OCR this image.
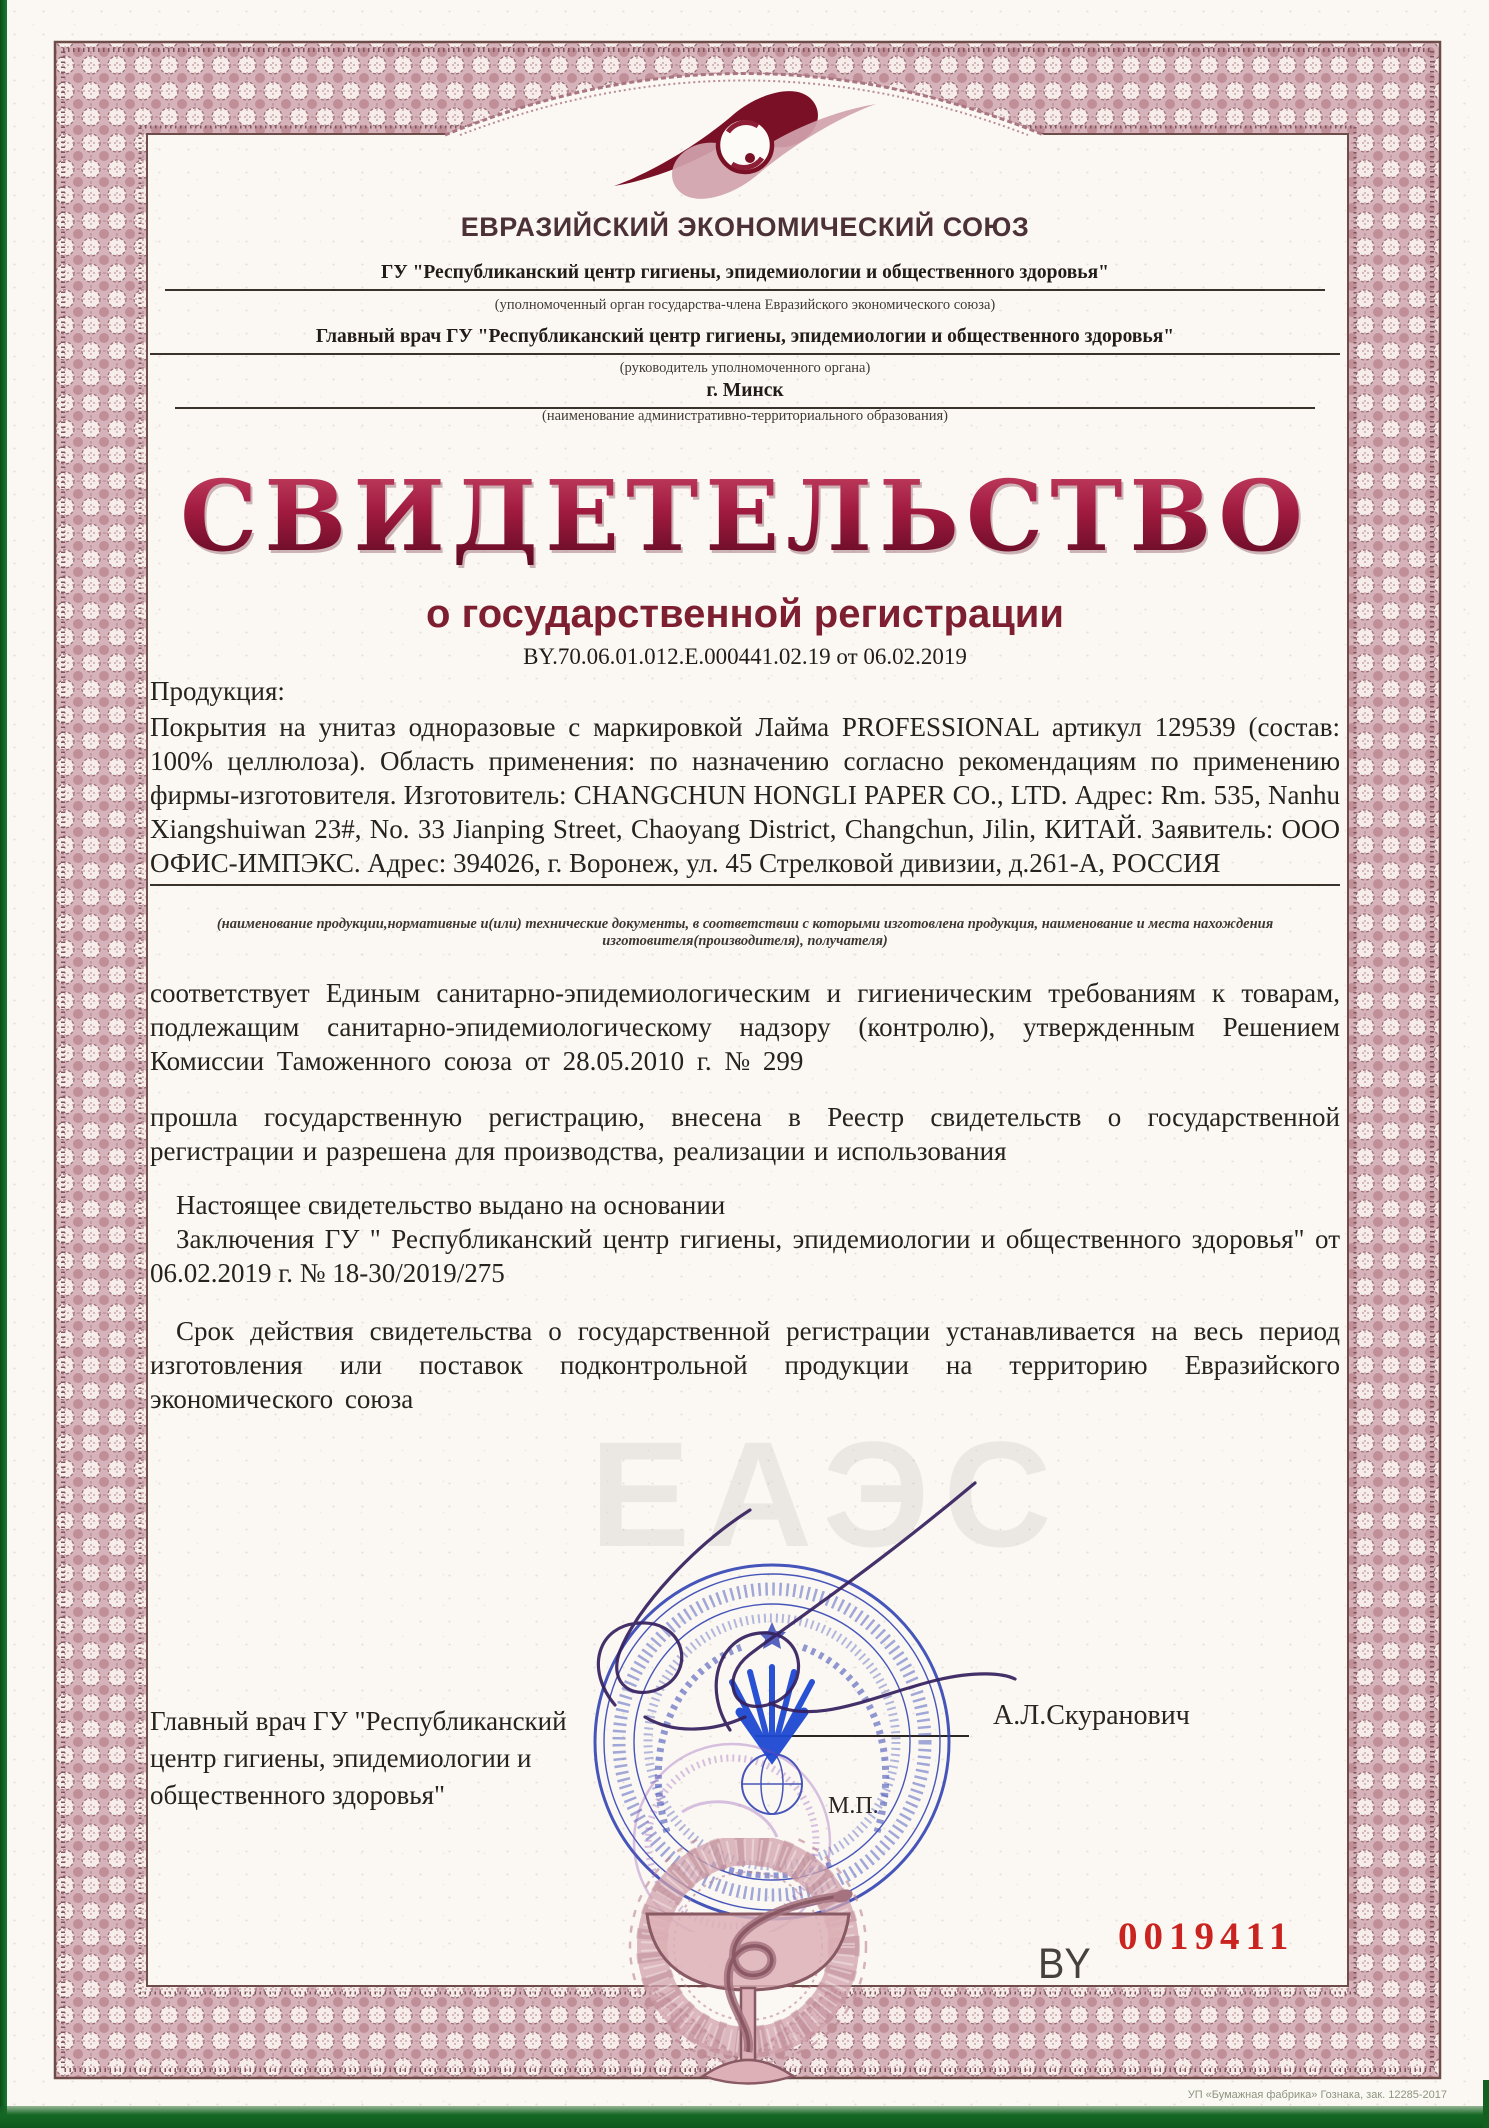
ЕВРАЗИЙСКИЙ ЭКОНОМИЧЕСКИЙ СОЮЗ
ГУ "Республиканский центр гигиены, эпидемиологии и общественного здоровья"
(уполномоченный орган государства-члена Евразийского экономического союза)
Главный врач ГУ "Республиканский центр гигиены, эпидемиологии и общественного здоровья"
(руководитель уполномоченного органа)
г. Минск
(наименование административно-территориального образования)
СВИДЕТЕЛЬСТВО
о государственной регистрации
BY.70.06.01.012.E.000441.02.19 от 06.02.2019
ЕАЭС
Продукция:
Покрытия на унитаз одноразовые с маркировкой Лайма PROFESSIONAL артикул 129539 (состав: 100% целлюлоза). Область применения: по назначению согласно рекомендациям по применению фирмы-изготовителя. Изготовитель: CHANGCHUN HONGLI PAPER CO., LTD. Адрес: Rm. 535, Nanhu Xiangshuiwan 23#, No. 33 Jianping Street, Chaoyang District, Changchun, Jilin, КИТАЙ. Заявитель: ООО ОФИС-ИМПЭКС. Адрес: 394026, г. Воронеж, ул. 45 Стрелковой дивизии, д.261-А, РОССИЯ
(наименование продукции,нормативные и(или) технические документы, в соответствии с которыми изготовлена продукция, наименование и места нахождения изготовителя(производителя), получателя)
соответствует Единым санитарно-эпидемиологическим и гигиеническим требованиям к товарам, подлежащим санитарно-эпидемиологическому надзору (контролю), утвержденным Решением Комиссии Таможенного союза от 28.05.2010 г. № 299
прошла государственную регистрацию, внесена в Реестр свидетельств о государственной регистрации и разрешена для производства, реализации и использования
Настоящее свидетельство выдано на основании
Заключения ГУ " Республиканский центр гигиены, эпидемиологии и общественного здоровья" от 06.02.2019 г. № 18-30/2019/275
Срок действия свидетельства о государственной регистрации устанавливается на весь период изготовления или поставок подконтрольной продукции на территорию Евразийского экономического союза
Главный врач ГУ "Республиканский центр гигиены, эпидемиологии и общественного здоровья"
А.Л.Скуранович
М.П.
BY
0019411
УП «Бумажная фабрика» Гознака, зак. 12285-2017
